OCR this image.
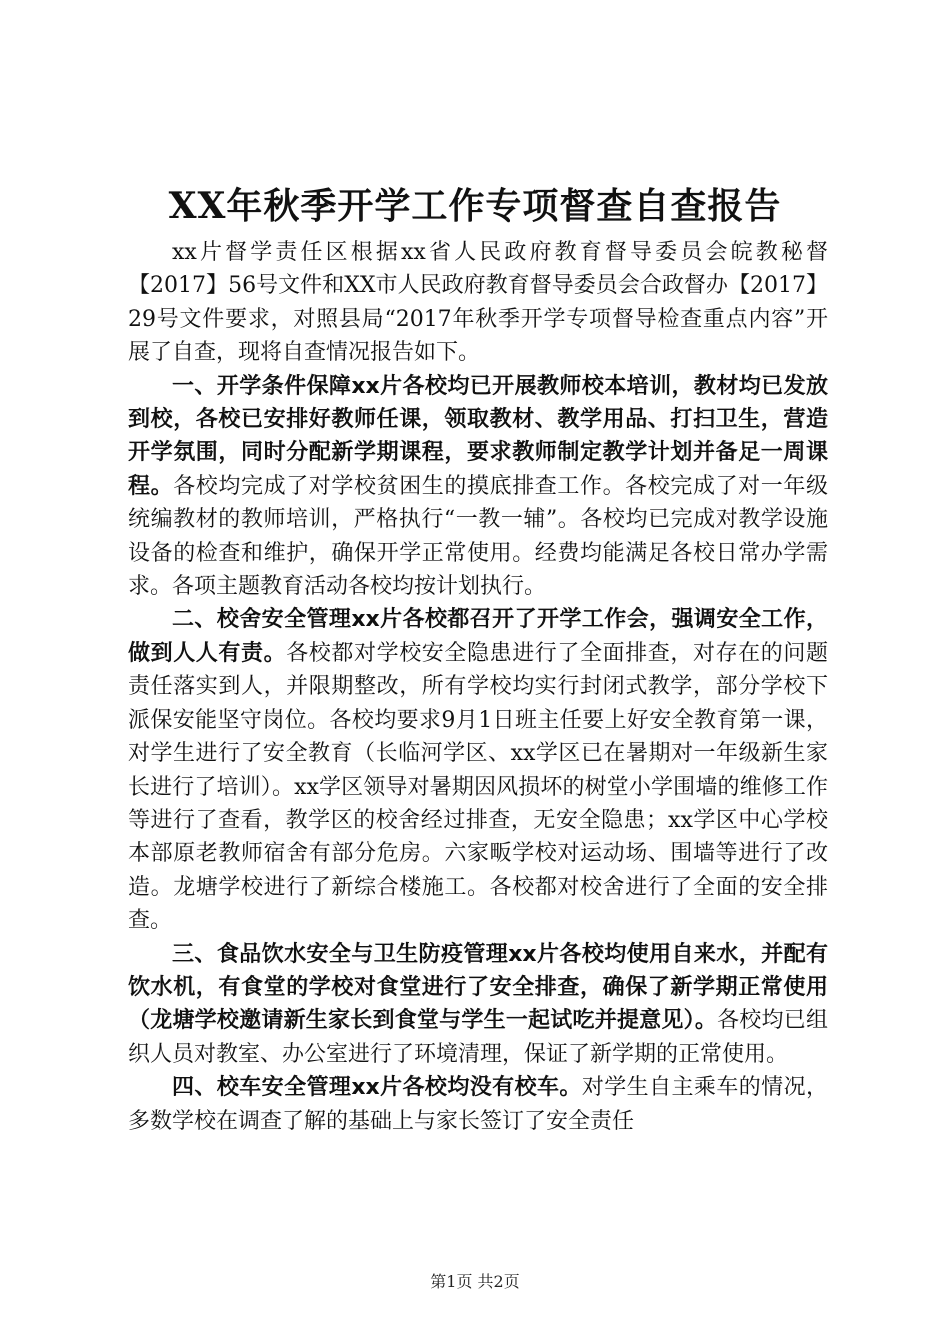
XX年秋季开学工作专项督查自查报告

xx片督学责任区根据xx省人民政府教育督导委员会皖教秘督【2017】56号文件和XX市人民政府教育督导委员会合政督办【2017】29号文件要求，对照县局“2017年秋季开学专项督导检查重点内容”开展了自查，现将自查情况报告如下。

一、开学条件保障xx片各校均已开展教师校本培训，教材均已发放到校，各校已安排好教师任课，领取教材、教学用品、打扫卫生，营造开学氛围，同时分配新学期课程，要求教师制定教学计划并备足一周课程。各校均完成了对学校贫困生的摸底排查工作。各校完成了对一年级统编教材的教师培训，严格执行“一教一辅”。各校均已完成对教学设施设备的检查和维护，确保开学正常使用。经费均能满足各校日常办学需求。各项主题教育活动各校均按计划执行。

二、校舍安全管理xx片各校都召开了开学工作会，强调安全工作，做到人人有责。各校都对学校安全隐患进行了全面排查，对存在的问题责任落实到人，并限期整改，所有学校均实行封闭式教学，部分学校下派保安能坚守岗位。各校均要求9月1日班主任要上好安全教育第一课，对学生进行了安全教育（长临河学区、xx学区已在暑期对一年级新生家长进行了培训）。xx学区领导对暑期因风损坏的树堂小学围墙的维修工作等进行了查看，教学区的校舍经过排查，无安全隐患；xx学区中心学校本部原老教师宿舍有部分危房。六家畈学校对运动场、围墙等进行了改造。龙塘学校进行了新综合楼施工。各校都对校舍进行了全面的安全排查。

三、食品饮水安全与卫生防疫管理xx片各校均使用自来水，并配有饮水机，有食堂的学校对食堂进行了安全排查，确保了新学期正常使用（龙塘学校邀请新生家长到食堂与学生一起试吃并提意见）。各校均已组织人员对教室、办公室进行了环境清理，保证了新学期的正常使用。

四、校车安全管理xx片各校均没有校车。对学生自主乘车的情况，多数学校在调查了解的基础上与家长签订了安全责任

第1页 共2页
